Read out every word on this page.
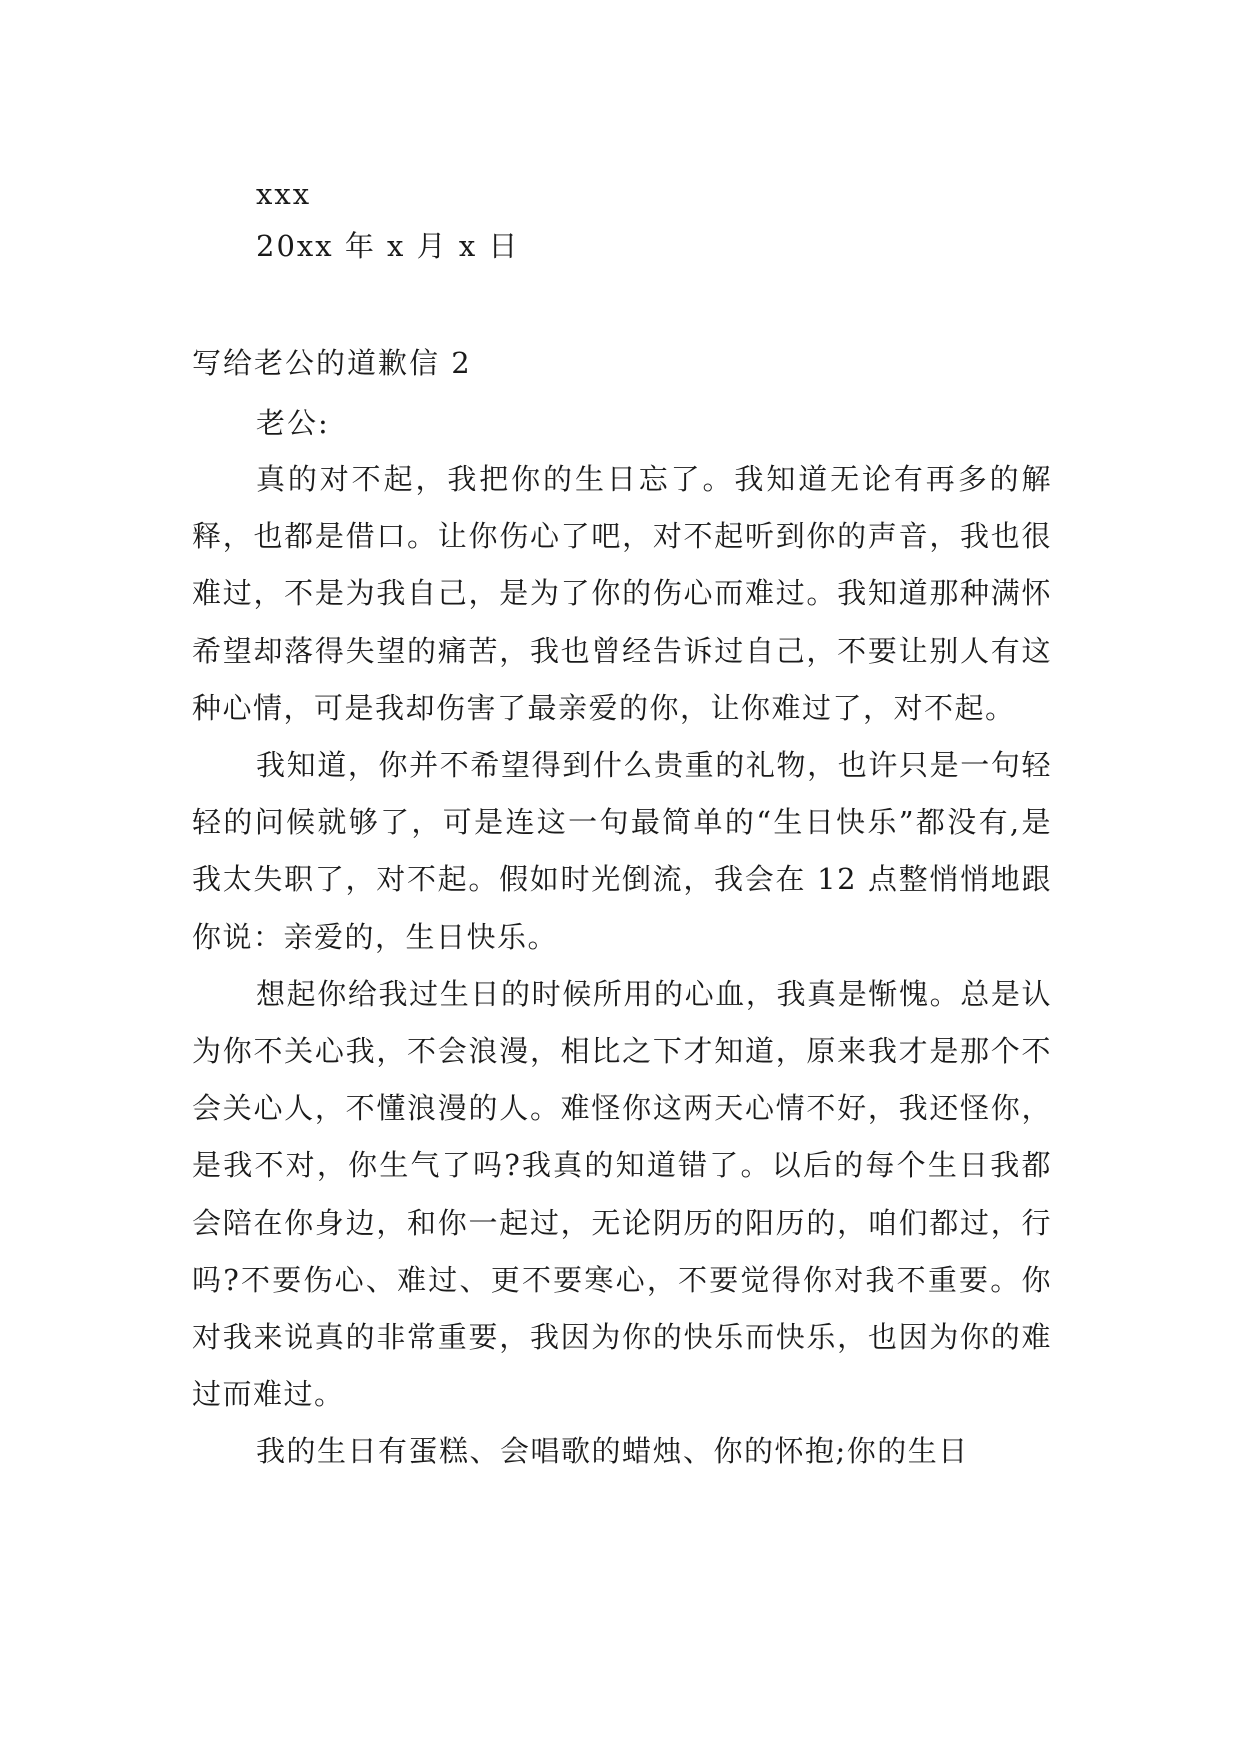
xxx
20xx 年 x 月 x 日
写给老公的道歉信 2
老公:

真的对不起，我把你的生日忘了。我知道无论有再多的解释，也都是借口。让你伤心了吧，对不起听到你的声音，我也很难过，不是为我自己，是为了你的伤心而难过。我知道那种满怀希望却落得失望的痛苦，我也曾经告诉过自己，不要让别人有这种心情，可是我却伤害了最亲爱的你，让你难过了，对不起。

我知道，你并不希望得到什么贵重的礼物，也许只是一句轻轻的问候就够了，可是连这一句最简单的“生日快乐”都没有,是我太失职了，对不起。假如时光倒流，我会在 12 点整悄悄地跟你说：亲爱的，生日快乐。

想起你给我过生日的时候所用的心血，我真是惭愧。总是认为你不关心我，不会浪漫，相比之下才知道，原来我才是那个不会关心人，不懂浪漫的人。难怪你这两天心情不好，我还怪你，是我不对，你生气了吗?我真的知道错了。以后的每个生日我都会陪在你身边，和你一起过，无论阴历的阳历的，咱们都过，行吗?不要伤心、难过、更不要寒心，不要觉得你对我不重要。你对我来说真的非常重要，我因为你的快乐而快乐，也因为你的难过而难过。

我的生日有蛋糕、会唱歌的蜡烛、你的怀抱;你的生日
